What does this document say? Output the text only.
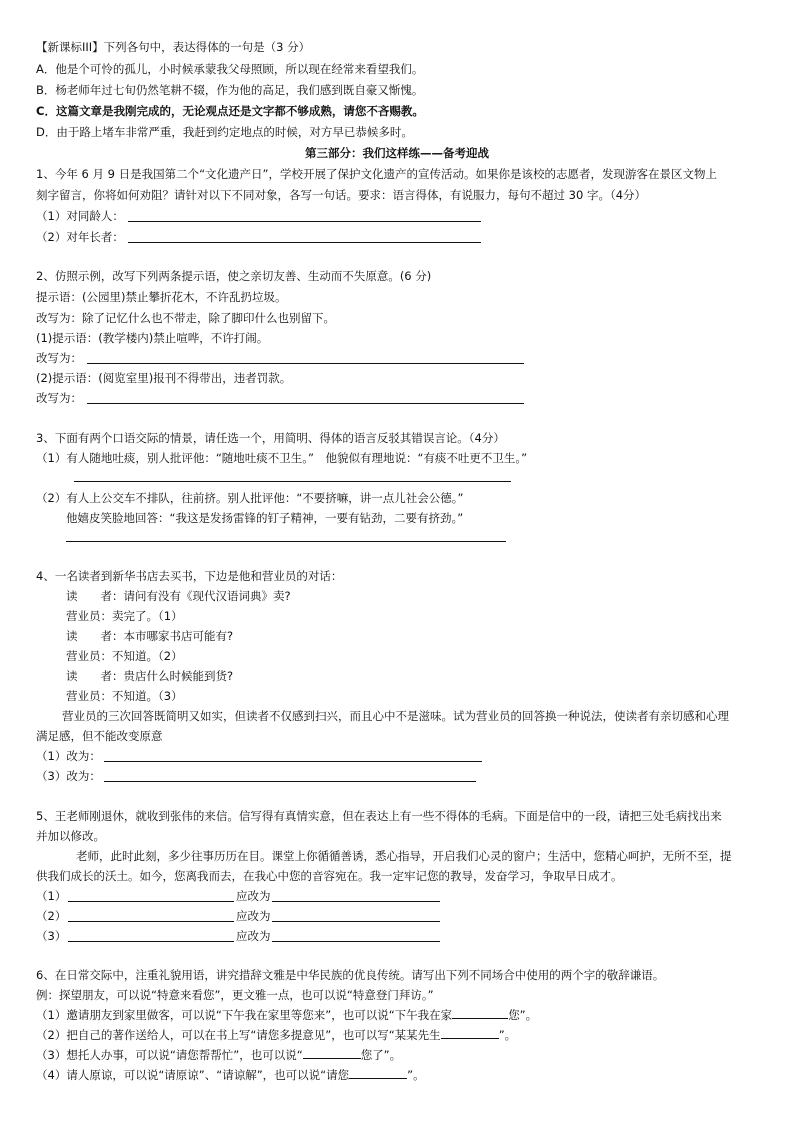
【新课标III】下列各句中，表达得体的一句是（3 分）
A．他是个可怜的孤儿，小时候承蒙我父母照顾，所以现在经常来看望我们。
B．杨老师年过七旬仍然笔耕不辍，作为他的高足，我们感到既自豪又惭愧。
C．这篇文章是我刚完成的，无论观点还是文字都不够成熟，请您不吝赐教。
D．由于路上堵车非常严重，我赶到约定地点的时候，对方早已恭候多时。
第三部分：我们这样练——备考迎战
1、今年 6 月 9 日是我国第二个“文化遗产日”，学校开展了保护文化遗产的宣传活动。如果你是该校的志愿者，发现游客在景区文物上
刻字留言，你将如何劝阻？请针对以下不同对象，各写一句话。要求：语言得体，有说服力，每句不超过 30 字。（4分）
（1）对同龄人：
（2）对年长者：
2、仿照示例，改写下列两条提示语，使之亲切友善、生动而不失原意。(6 分)
提示语：(公园里)禁止攀折花木，不许乱扔垃圾。
改写为：除了记忆什么也不带走，除了脚印什么也别留下。
(1)提示语：(教学楼内)禁止喧哗，不许打闹。
改写为：
(2)提示语：(阅览室里)报刊不得带出，违者罚款。
改写为：
3、下面有两个口语交际的情景，请任选一个，用简明、得体的语言反驳其错误言论。（4分）
（1）有人随地吐痰，别人批评他：“随地吐痰不卫生。”　他貌似有理地说：“有痰不吐更不卫生。”
（2）有人上公交车不排队，往前挤。别人批评他：“不要挤嘛，讲一点儿社会公德。”
他嬉皮笑脸地回答：“我这是发扬雷锋的钉子精神，一要有钻劲，二要有挤劲。”
4、一名读者到新华书店去买书，下边是他和营业员的对话：
读　　者：请问有没有《现代汉语词典》卖?
营业员：卖完了。（1）
读　　者：本市哪家书店可能有?
营业员：不知道。（2）
读　　者：贵店什么时候能到货?
营业员：不知道。（3）
营业员的三次回答既简明又如实，但读者不仅感到扫兴，而且心中不是滋味。试为营业员的回答换一种说法，使读者有亲切感和心理
满足感，但不能改变原意
（1）改为：
（3）改为：
5、王老师刚退休，就收到张伟的来信。信写得有真情实意，但在表达上有一些不得体的毛病。下面是信中的一段，请把三处毛病找出来
并加以修改。
老师，此时此刻，多少往事历历在目。课堂上你循循善诱，悉心指导，开启我们心灵的窗户；生活中，您精心呵护，无所不至，提
供我们成长的沃土。如今，您离我而去，在我心中您的音容宛在。我一定牢记您的教导，发奋学习，争取早日成才。
（1）	应改为
（2）	应改为
（3）	应改为
6、在日常交际中，注重礼貌用语，讲究措辞文雅是中华民族的优良传统。请写出下列不同场合中使用的两个字的敬辞谦语。
例：探望朋友，可以说“特意来看您”，更文雅一点，也可以说“特意登门拜访。”
（1）邀请朋友到家里做客，可以说“下午我在家里等您来”，也可以说“下午我在家	您”。
（2）把自己的著作送给人，可以在书上写“请您多提意见”，也可以写“某某先生	”。
（3）想托人办事，可以说“请您帮帮忙”，也可以说“	您了”。
（4）请人原谅，可以说“请原谅”、“请谅解”，也可以说“请您	”。
